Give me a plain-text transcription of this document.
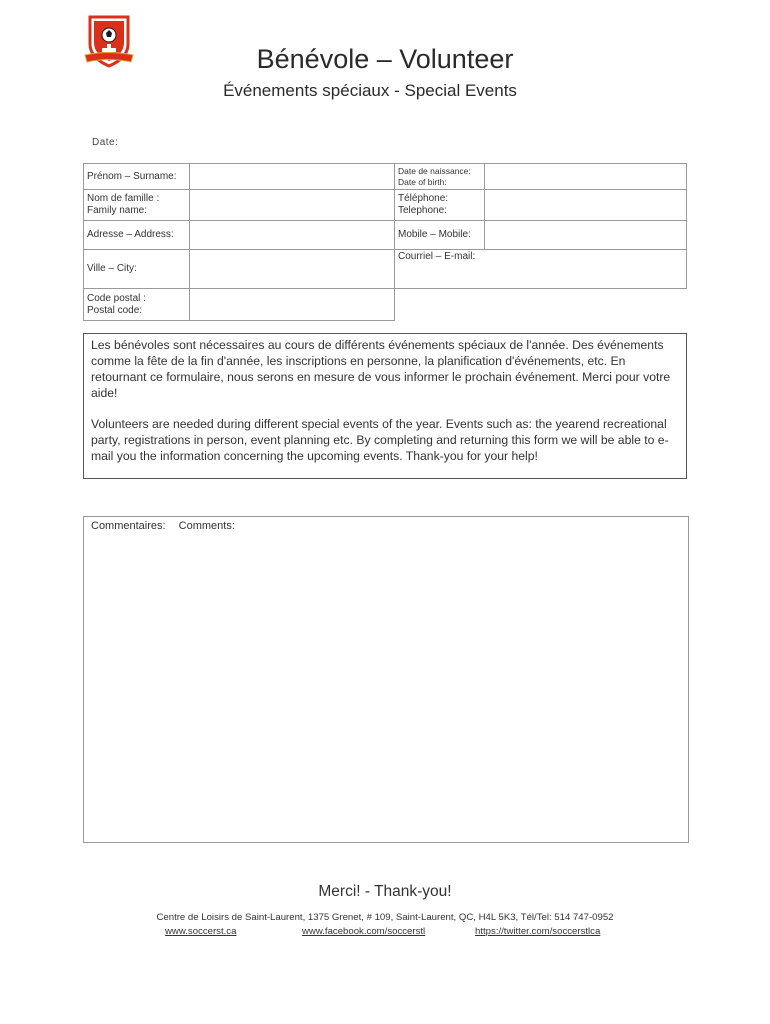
Bénévole – Volunteer
Événements spéciaux - Special Events
Date:
Prénom – Surname:
Nom de famille :
Family name:
Adresse – Address:
Ville – City:
Code postal :
Postal code:
Date de naissance:
Date of birth:
Téléphone:
Telephone:
Mobile – Mobile:
Courriel – E-mail:

Les bénévoles sont nécessaires au cours de différents événements spéciaux de l'année. Des événements comme la fête de la fin d'année, les inscriptions en personne, la planification d'événements, etc. En retournant ce formulaire, nous serons en mesure de vous informer le prochain événement. Merci pour votre aide!

Volunteers are needed during different special events of the year. Events such as: the yearend recreational party, registrations in person, event planning etc. By completing and returning this form we will be able to e-mail you the information concerning the upcoming events. Thank-you for your help!

Commentaires: Comments:
Merci! - Thank-you!
Centre de Loisirs de Saint-Laurent, 1375 Grenet, # 109, Saint-Laurent, QC, H4L 5K3, Tél/Tel: 514 747-0952
www.soccerst.ca	www.facebook.com/soccerstl	https://twitter.com/soccerstlca
